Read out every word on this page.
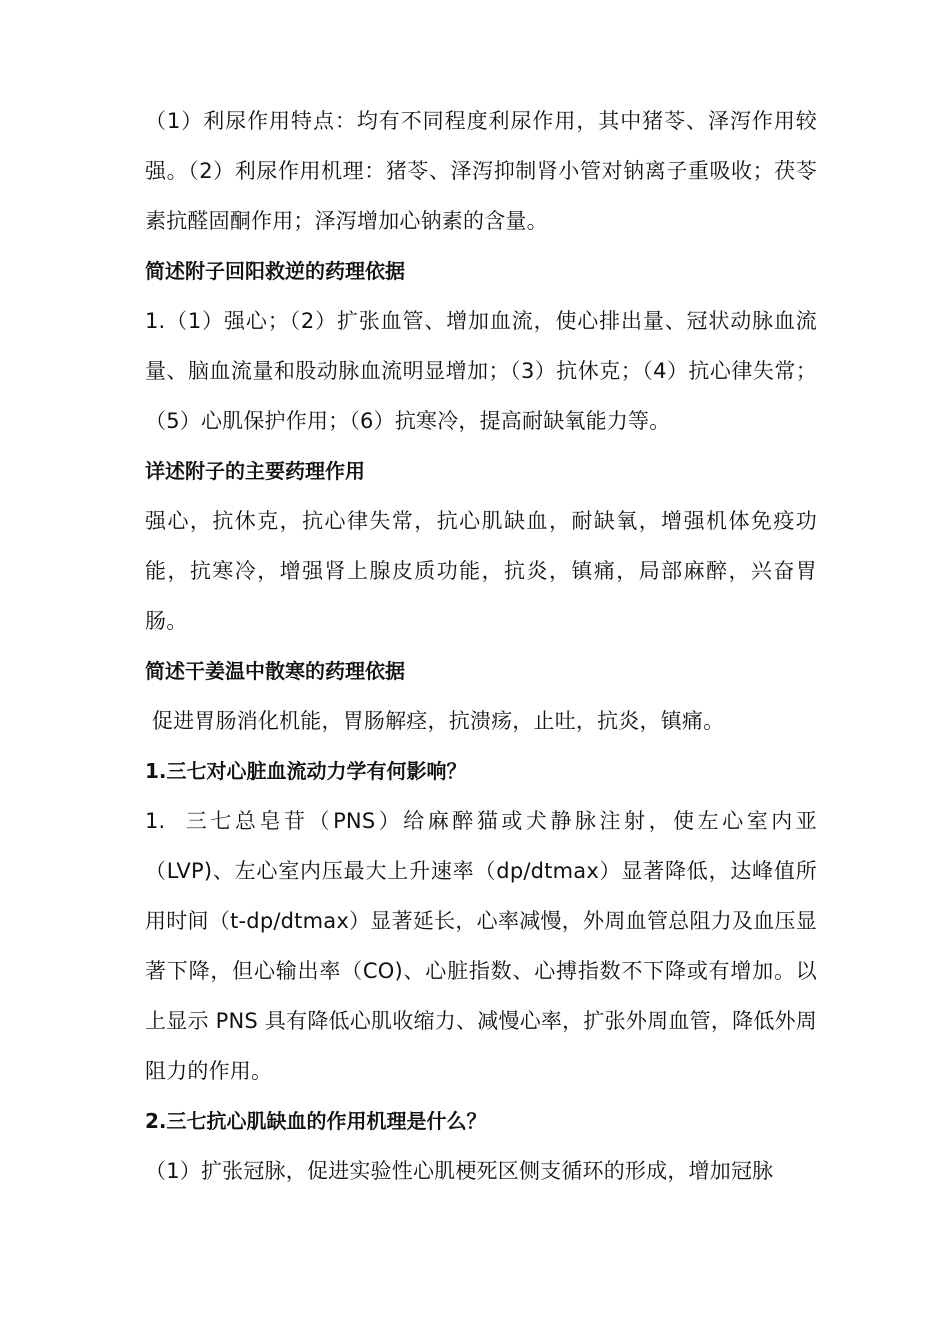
（1）利尿作用特点：均有不同程度利尿作用，其中猪苓、泽泻作用较强。（2）利尿作用机理：猪苓、泽泻抑制肾小管对钠离子重吸收；茯苓素抗醛固酮作用；泽泻增加心钠素的含量。

简述附子回阳救逆的药理依据

1.（1）强心；（2）扩张血管、增加血流，使心排出量、冠状动脉血流量、脑血流量和股动脉血流明显增加；（3）抗休克；（4）抗心律失常；（5）心肌保护作用；（6）抗寒冷，提高耐缺氧能力等。

详述附子的主要药理作用

强心，抗休克，抗心律失常，抗心肌缺血，耐缺氧，增强机体免疫功能，抗寒冷，增强肾上腺皮质功能，抗炎，镇痛，局部麻醉，兴奋胃肠。

简述干姜温中散寒的药理依据

促进胃肠消化机能，胃肠解痉，抗溃疡，止吐，抗炎，镇痛。

1.三七对心脏血流动力学有何影响？

1.  三七总皂苷（PNS）给麻醉猫或犬静脉注射，使左心室内亚（LVP)、左心室内压最大上升速率（dp/dtmax）显著降低，达峰值所用时间（t-dp/dtmax）显著延长，心率减慢，外周血管总阻力及血压显著下降，但心输出率（CO)、心脏指数、心搏指数不下降或有增加。以上显示 PNS 具有降低心肌收缩力、减慢心率，扩张外周血管，降低外周阻力的作用。

2.三七抗心肌缺血的作用机理是什么？

（1）扩张冠脉，促进实验性心肌梗死区侧支循环的形成，增加冠脉
